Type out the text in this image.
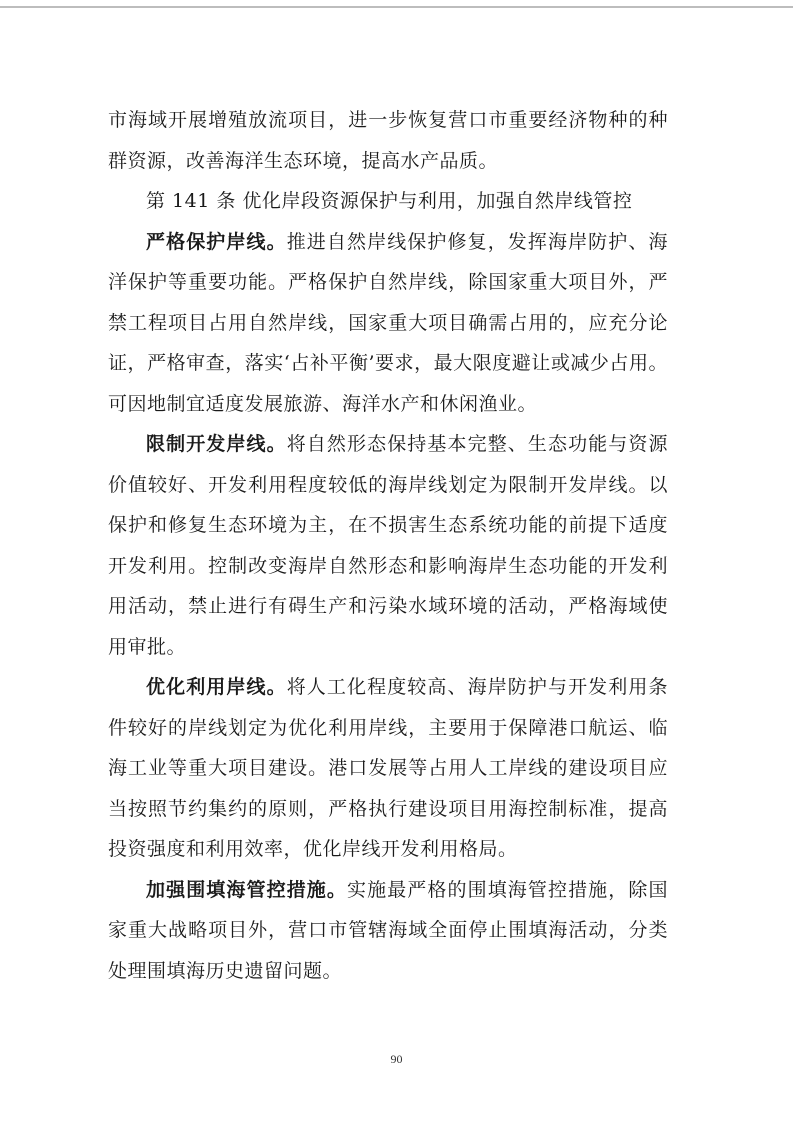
市海域开展增殖放流项目，进一步恢复营口市重要经济物种的种群资源，改善海洋生态环境，提高水产品质。

第 141 条 优化岸段资源保护与利用，加强自然岸线管控

严格保护岸线。推进自然岸线保护修复，发挥海岸防护、海洋保护等重要功能。严格保护自然岸线，除国家重大项目外，严禁工程项目占用自然岸线，国家重大项目确需占用的，应充分论证，严格审查，落实‘占补平衡’要求，最大限度避让或减少占用。可因地制宜适度发展旅游、海洋水产和休闲渔业。

限制开发岸线。将自然形态保持基本完整、生态功能与资源价值较好、开发利用程度较低的海岸线划定为限制开发岸线。以保护和修复生态环境为主，在不损害生态系统功能的前提下适度开发利用。控制改变海岸自然形态和影响海岸生态功能的开发利用活动，禁止进行有碍生产和污染水域环境的活动，严格海域使用审批。

优化利用岸线。将人工化程度较高、海岸防护与开发利用条件较好的岸线划定为优化利用岸线，主要用于保障港口航运、临海工业等重大项目建设。港口发展等占用人工岸线的建设项目应当按照节约集约的原则，严格执行建设项目用海控制标准，提高投资强度和利用效率，优化岸线开发利用格局。

加强围填海管控措施。实施最严格的围填海管控措施，除国家重大战略项目外，营口市管辖海域全面停止围填海活动，分类处理围填海历史遗留问题。

90
